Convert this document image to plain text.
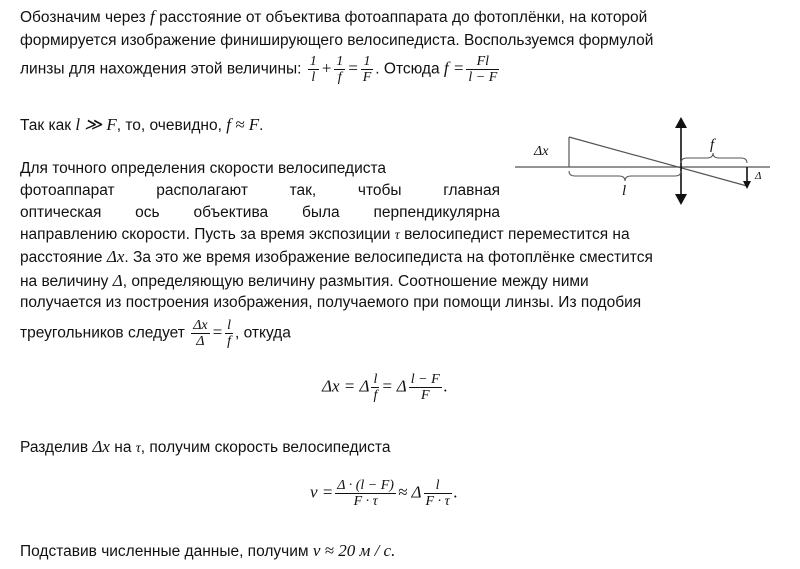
Обозначим через f расстояние от объектива фотоаппарата до фотоплёнки, на которой
формируется изображение финиширующего велосипедиста. Воспользуемся формулой
линзы для нахождения этой величины: $\frac{1}{l} + \frac{1}{f} = \frac{1}{F}$ . Отсюда $f = \frac{Fl}{l - F}$
Так как l ≫ F, то, очевидно, f ≈ F.
Для точного определения скорости велосипедиста
фотоаппарат располагают так, чтобы главная
оптическая ось объектива была перпендикулярна
направлению скорости. Пусть за время экспозиции τ велосипедист переместится на
расстояние Δx. За это же время изображение велосипедиста на фотоплёнке сместится
на величину Δ, определяющую величину размытия. Соотношение между ними
получается из построения изображения, получаемого при помощи линзы. Из подобия
треугольников следует $\frac{\Delta x}{\Delta} = \frac{l}{f}$ , откуда
Δx = Δ $\frac{l}{f} = \Delta \frac{l - F}{F}$ .
Разделив Δx на τ, получим скорость велосипедиста
$v = \frac{\Delta \cdot (l - F)}{F \cdot \tau} \approx \Delta \frac{l}{F \cdot \tau}$ .
Подставив численные данные, получим v ≈ 20 м / с.
Δx	f
l
Δ
